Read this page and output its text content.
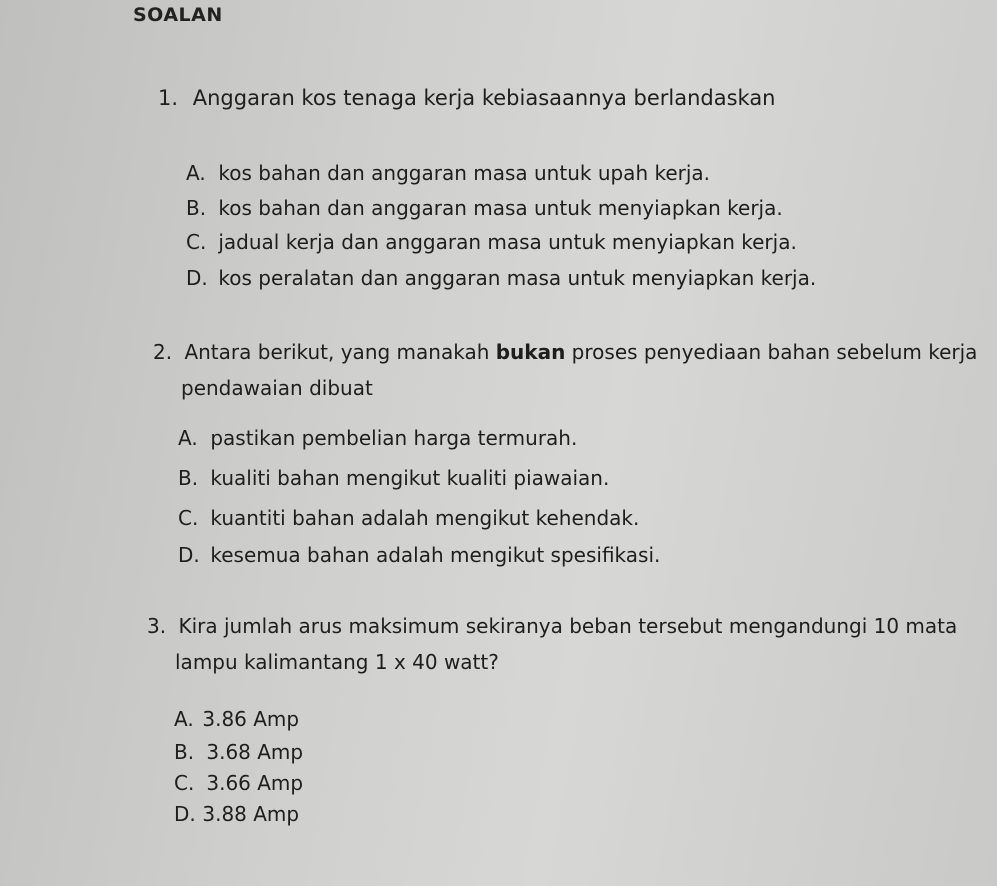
SOALAN
1. Anggaran kos tenaga kerja kebiasaannya berlandaskan
A. kos bahan dan anggaran masa untuk upah kerja.
B. kos bahan dan anggaran masa untuk menyiapkan kerja.
C. jadual kerja dan anggaran masa untuk menyiapkan kerja.
D. kos peralatan dan anggaran masa untuk menyiapkan kerja.
2. Antara berikut, yang manakah bukan proses penyediaan bahan sebelum kerja
pendawaian dibuat
A. pastikan pembelian harga termurah.
B. kualiti bahan mengikut kualiti piawaian.
C. kuantiti bahan adalah mengikut kehendak.
D. kesemua bahan adalah mengikut spesifikasi.
3. Kira jumlah arus maksimum sekiranya beban tersebut mengandungi 10 mata
lampu kalimantang 1 x 40 watt?
A. 3.86 Amp
B. 3.68 Amp
C. 3.66 Amp
D. 3.88 Amp
